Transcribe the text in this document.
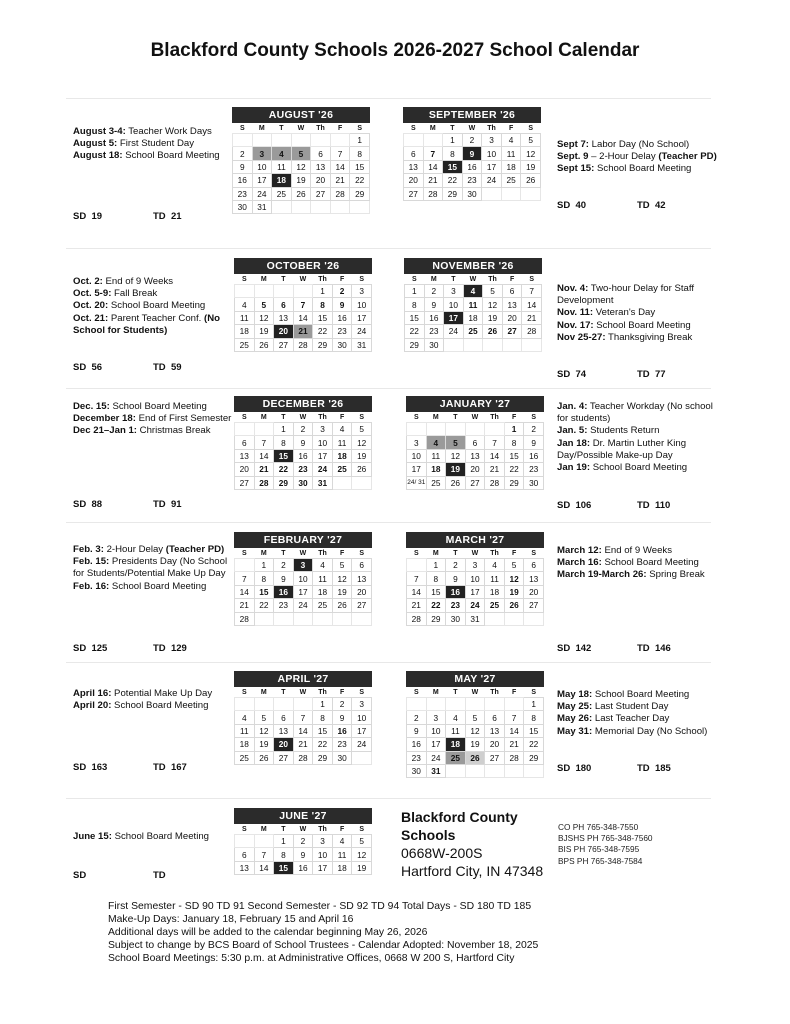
Blackford County Schools 2026-2027 School Calendar

August 3-4: Teacher Work Days

August 5: First Student Day

August 18: School Board Meeting

SD  19	TD  21

Sept 7: Labor Day (No School)

Sept. 9 – 2-Hour Delay (Teacher PD)

Sept 15: School Board Meeting

SD  40	TD  42

Oct. 2: End of 9 Weeks

Oct. 5-9: Fall Break

Oct. 20: School Board Meeting

Oct. 21: Parent Teacher Conf. (No School for Students)

SD  56	TD  59

Nov. 4: Two-hour Delay for Staff Development

Nov. 11: Veteran's Day

Nov. 17: School Board Meeting

Nov 25-27: Thanksgiving Break

SD  74	TD  77

Dec. 15: School Board Meeting

December 18: End of First Semester

Dec 21–Jan 1: Christmas Break

SD  88	TD  91

Jan. 4: Teacher Workday (No school for students)

Jan. 5: Students Return

Jan 18: Dr. Martin Luther King Day/Possible Make-up Day

Jan 19: School Board Meeting

SD  106	TD  110

Feb. 3: 2-Hour Delay (Teacher PD)

Feb. 15: Presidents Day (No School for Students/Potential Make Up Day

Feb. 16: School Board Meeting

SD  125	TD  129

March 12: End of 9 Weeks

March 16: School Board Meeting

March 19-March 26: Spring Break

SD  142	TD  146

April 16: Potential Make Up Day

April 20: School Board Meeting

SD  163	TD  167

May 18: School Board Meeting

May 25: Last Student Day

May 26: Last Teacher Day

May 31: Memorial Day (No School)

SD  180	TD  185

June 15: School Board Meeting

SD	TD
AUGUST '26
S	M	T	W	Th	F	S
						1
2	3	4	5	6	7	8
9	10	11	12	13	14	15
16	17	18	19	20	21	22
23	24	25	26	27	28	29
30	31					
SEPTEMBER '26
S	M	T	W	Th	F	S
		1	2	3	4	5
6	7	8	9	10	11	12
13	14	15	16	17	18	19
20	21	22	23	24	25	26
27	28	29	30			
OCTOBER '26
S	M	T	W	Th	F	S
				1	2	3
4	5	6	7	8	9	10
11	12	13	14	15	16	17
18	19	20	21	22	23	24
25	26	27	28	29	30	31
NOVEMBER '26
S	M	T	W	Th	F	S
1	2	3	4	5	6	7
8	9	10	11	12	13	14
15	16	17	18	19	20	21
22	23	24	25	26	27	28
29	30					
DECEMBER '26
S	M	T	W	Th	F	S
		1	2	3	4	5
6	7	8	9	10	11	12
13	14	15	16	17	18	19
20	21	22	23	24	25	26
27	28	29	30	31		
JANUARY '27
S	M	T	W	Th	F	S
					1	2
3	4	5	6	7	8	9
10	11	12	13	14	15	16
17	18	19	20	21	22	23
24/ 31	25	26	27	28	29	30
FEBRUARY '27
S	M	T	W	Th	F	S
	1	2	3	4	5	6
7	8	9	10	11	12	13
14	15	16	17	18	19	20
21	22	23	24	25	26	27
28						
MARCH '27
S	M	T	W	Th	F	S
	1	2	3	4	5	6
7	8	9	10	11	12	13
14	15	16	17	18	19	20
21	22	23	24	25	26	27
28	29	30	31			
APRIL '27
S	M	T	W	Th	F	S
				1	2	3
4	5	6	7	8	9	10
11	12	13	14	15	16	17
18	19	20	21	22	23	24
25	26	27	28	29	30	
MAY '27
S	M	T	W	Th	F	S
						1
2	3	4	5	6	7	8
9	10	11	12	13	14	15
16	17	18	19	20	21	22
23	24	25	26	27	28	29
30	31					
JUNE '27
S	M	T	W	Th	F	S
		1	2	3	4	5
6	7	8	9	10	11	12
13	14	15	16	17	18	19
Blackford County
Schools
0668W-200S
Hartford City, IN 47348
CO PH 765-348-7550
BJSHS PH 765-348-7560
BIS PH 765-348-7595
BPS PH 765-348-7584
First Semester - SD 90 TD 91 Second Semester - SD 92 TD 94 Total Days - SD 180 TD 185
Make-Up Days: January 18, February 15 and April 16
Additional days will be added to the calendar beginning May 26, 2026
Subject to change by BCS Board of School Trustees - Calendar Adopted: November 18, 2025
School Board Meetings: 5:30 p.m. at Administrative Offices, 0668 W 200 S, Hartford City
